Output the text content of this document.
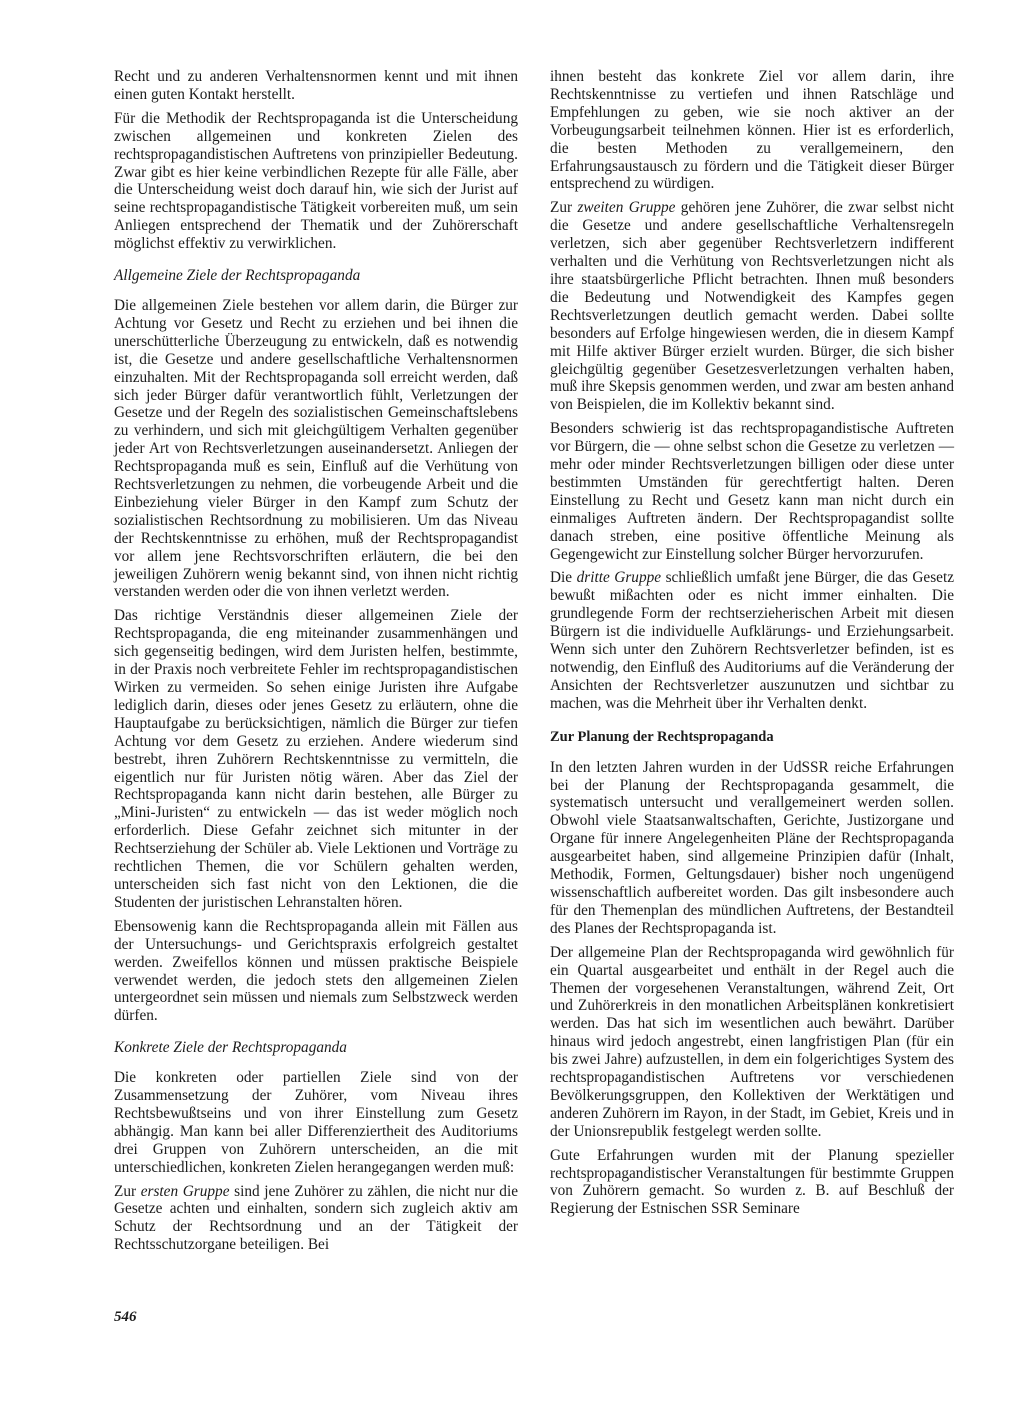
Recht und zu anderen Verhaltensnormen kennt und mit ihnen einen guten Kontakt herstellt.

Für die Methodik der Rechtspropaganda ist die Unterscheidung zwischen allgemeinen und konkreten Zielen des rechtspropagandistischen Auftretens von prinzipieller Bedeutung. Zwar gibt es hier keine verbindlichen Rezepte für alle Fälle, aber die Unterscheidung weist doch darauf hin, wie sich der Jurist auf seine rechtspropagandistische Tätigkeit vorbereiten muß, um sein Anliegen entsprechend der Thematik und der Zuhörerschaft möglichst effektiv zu verwirklichen.

Allgemeine Ziele der Rechtspropaganda

Die allgemeinen Ziele bestehen vor allem darin, die Bürger zur Achtung vor Gesetz und Recht zu erziehen und bei ihnen die unerschütterliche Überzeugung zu entwickeln, daß es notwendig ist, die Gesetze und andere gesellschaftliche Verhaltensnormen einzuhalten. Mit der Rechtspropaganda soll erreicht werden, daß sich jeder Bürger dafür verantwortlich fühlt, Verletzungen der Gesetze und der Regeln des sozialistischen Gemeinschaftslebens zu verhindern, und sich mit gleichgültigem Verhalten gegenüber jeder Art von Rechtsverletzungen auseinandersetzt. Anliegen der Rechtspropaganda muß es sein, Einfluß auf die Verhütung von Rechtsverletzungen zu nehmen, die vorbeugende Arbeit und die Einbeziehung vieler Bürger in den Kampf zum Schutz der sozialistischen Rechtsordnung zu mobilisieren. Um das Niveau der Rechtskenntnisse zu erhöhen, muß der Rechtspropagandist vor allem jene Rechtsvorschriften erläutern, die bei den jeweiligen Zuhörern wenig bekannt sind, von ihnen nicht richtig verstanden werden oder die von ihnen verletzt werden.

Das richtige Verständnis dieser allgemeinen Ziele der Rechtspropaganda, die eng miteinander zusammenhängen und sich gegenseitig bedingen, wird dem Juristen helfen, bestimmte, in der Praxis noch verbreitete Fehler im rechtspropagandistischen Wirken zu vermeiden. So sehen einige Juristen ihre Aufgabe lediglich darin, dieses oder jenes Gesetz zu erläutern, ohne die Hauptaufgabe zu berücksichtigen, nämlich die Bürger zur tiefen Achtung vor dem Gesetz zu erziehen. Andere wiederum sind bestrebt, ihren Zuhörern Rechtskenntnisse zu vermitteln, die eigentlich nur für Juristen nötig wären. Aber das Ziel der Rechtspropaganda kann nicht darin bestehen, alle Bürger zu „Mini-Juristen“ zu entwickeln — das ist weder möglich noch erforderlich. Diese Gefahr zeichnet sich mitunter in der Rechtserziehung der Schüler ab. Viele Lektionen und Vorträge zu rechtlichen Themen, die vor Schülern gehalten werden, unterscheiden sich fast nicht von den Lektionen, die die Studenten der juristischen Lehranstalten hören.

Ebensowenig kann die Rechtspropaganda allein mit Fällen aus der Untersuchungs- und Gerichtspraxis erfolgreich gestaltet werden. Zweifellos können und müssen praktische Beispiele verwendet werden, die jedoch stets den allgemeinen Zielen untergeordnet sein müssen und niemals zum Selbstzweck werden dürfen.

Konkrete Ziele der Rechtspropaganda

Die konkreten oder partiellen Ziele sind von der Zusammensetzung der Zuhörer, vom Niveau ihres Rechtsbewußtseins und von ihrer Einstellung zum Gesetz abhängig. Man kann bei aller Differenziertheit des Auditoriums drei Gruppen von Zuhörern unterscheiden, an die mit unterschiedlichen, konkreten Zielen herangegangen werden muß:

Zur ersten Gruppe sind jene Zuhörer zu zählen, die nicht nur die Gesetze achten und einhalten, sondern sich zugleich aktiv am Schutz der Rechtsordnung und an der Tätigkeit der Rechtsschutzorgane beteiligen. Bei

ihnen besteht das konkrete Ziel vor allem darin, ihre Rechtskenntnisse zu vertiefen und ihnen Ratschläge und Empfehlungen zu geben, wie sie noch aktiver an der Vorbeugungsarbeit teilnehmen können. Hier ist es erforderlich, die besten Methoden zu verallgemeinern, den Erfahrungsaustausch zu fördern und die Tätigkeit dieser Bürger entsprechend zu würdigen.

Zur zweiten Gruppe gehören jene Zuhörer, die zwar selbst nicht die Gesetze und andere gesellschaftliche Verhaltensregeln verletzen, sich aber gegenüber Rechtsverletzern indifferent verhalten und die Verhütung von Rechtsverletzungen nicht als ihre staatsbürgerliche Pflicht betrachten. Ihnen muß besonders die Bedeutung und Notwendigkeit des Kampfes gegen Rechtsverletzungen deutlich gemacht werden. Dabei sollte besonders auf Erfolge hingewiesen werden, die in diesem Kampf mit Hilfe aktiver Bürger erzielt wurden. Bürger, die sich bisher gleichgültig gegenüber Gesetzesverletzungen verhalten haben, muß ihre Skepsis genommen werden, und zwar am besten anhand von Beispielen, die im Kollektiv bekannt sind.

Besonders schwierig ist das rechtspropagandistische Auftreten vor Bürgern, die — ohne selbst schon die Gesetze zu verletzen — mehr oder minder Rechtsverletzungen billigen oder diese unter bestimmten Umständen für gerechtfertigt halten. Deren Einstellung zu Recht und Gesetz kann man nicht durch ein einmaliges Auftreten ändern. Der Rechtspropagandist sollte danach streben, eine positive öffentliche Meinung als Gegengewicht zur Einstellung solcher Bürger hervorzurufen.

Die dritte Gruppe schließlich umfaßt jene Bürger, die das Gesetz bewußt mißachten oder es nicht immer einhalten. Die grundlegende Form der rechtserzieherischen Arbeit mit diesen Bürgern ist die individuelle Aufklärungs- und Erziehungsarbeit. Wenn sich unter den Zuhörern Rechtsverletzer befinden, ist es notwendig, den Einfluß des Auditoriums auf die Veränderung der Ansichten der Rechtsverletzer auszunutzen und sichtbar zu machen, was die Mehrheit über ihr Verhalten denkt.

Zur Planung der Rechtspropaganda

In den letzten Jahren wurden in der UdSSR reiche Erfahrungen bei der Planung der Rechtspropaganda gesammelt, die systematisch untersucht und verallgemeinert werden sollen. Obwohl viele Staatsanwaltschaften, Gerichte, Justizorgane und Organe für innere Angelegenheiten Pläne der Rechtspropaganda ausgearbeitet haben, sind allgemeine Prinzipien dafür (Inhalt, Methodik, Formen, Geltungsdauer) bisher noch ungenügend wissenschaftlich aufbereitet worden. Das gilt insbesondere auch für den Themenplan des mündlichen Auftretens, der Bestandteil des Planes der Rechtspropaganda ist.

Der allgemeine Plan der Rechtspropaganda wird gewöhnlich für ein Quartal ausgearbeitet und enthält in der Regel auch die Themen der vorgesehenen Veranstaltungen, während Zeit, Ort und Zuhörerkreis in den monatlichen Arbeitsplänen konkretisiert werden. Das hat sich im wesentlichen auch bewährt. Darüber hinaus wird jedoch angestrebt, einen langfristigen Plan (für ein bis zwei Jahre) aufzustellen, in dem ein folgerichtiges System des rechtspropagandistischen Auftretens vor verschiedenen Bevölkerungsgruppen, den Kollektiven der Werktätigen und anderen Zuhörern im Rayon, in der Stadt, im Gebiet, Kreis und in der Unionsrepublik festgelegt werden sollte.

Gute Erfahrungen wurden mit der Planung spezieller rechtspropagandistischer Veranstaltungen für bestimmte Gruppen von Zuhörern gemacht. So wurden z. B. auf Beschluß der Regierung der Estnischen SSR Seminare

546
